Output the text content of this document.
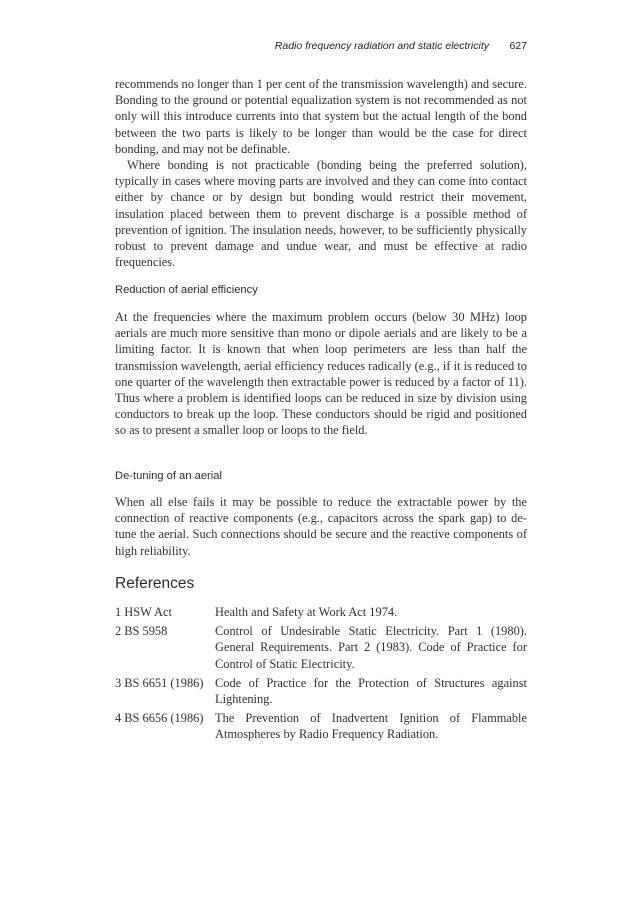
Radio frequency radiation and static electricity 627

recommends no longer than 1 per cent of the transmission wavelength) and secure. Bonding to the ground or potential equalization system is not recommended as not only will this introduce currents into that system but the actual length of the bond between the two parts is likely to be longer than would be the case for direct bonding, and may not be definable.

Where bonding is not practicable (bonding being the preferred solution), typically in cases where moving parts are involved and they can come into contact either by chance or by design but bonding would restrict their movement, insulation placed between them to prevent discharge is a possible method of prevention of ignition. The insulation needs, however, to be sufficiently physically robust to prevent damage and undue wear, and must be effective at radio frequencies.

Reduction of aerial efficiency

At the frequencies where the maximum problem occurs (below 30 MHz) loop aerials are much more sensitive than mono or dipole aerials and are likely to be a limiting factor. It is known that when loop perimeters are less than half the transmission wavelength, aerial efficiency reduces radically (e.g., if it is reduced to one quarter of the wavelength then extractable power is reduced by a factor of 11). Thus where a problem is identified loops can be reduced in size by division using conductors to break up the loop. These conductors should be rigid and positioned so as to present a smaller loop or loops to the field.

De-tuning of an aerial

When all else fails it may be possible to reduce the extractable power by the connection of reactive components (e.g., capacitors across the spark gap) to de-tune the aerial. Such connections should be secure and the reactive components of high reliability.

References
1 HSW Act	Health and Safety at Work Act 1974.
2 BS 5958	Control of Undesirable Static Electricity. Part 1 (1980). General Requirements. Part 2 (1983). Code of Practice for Control of Static Electricity.
3 BS 6651 (1986) Code of Practice for the Protection of Structures against Lightening.
4 BS 6656 (1986) The Prevention of Inadvertent Ignition of Flammable Atmospheres by Radio Frequency Radiation.
